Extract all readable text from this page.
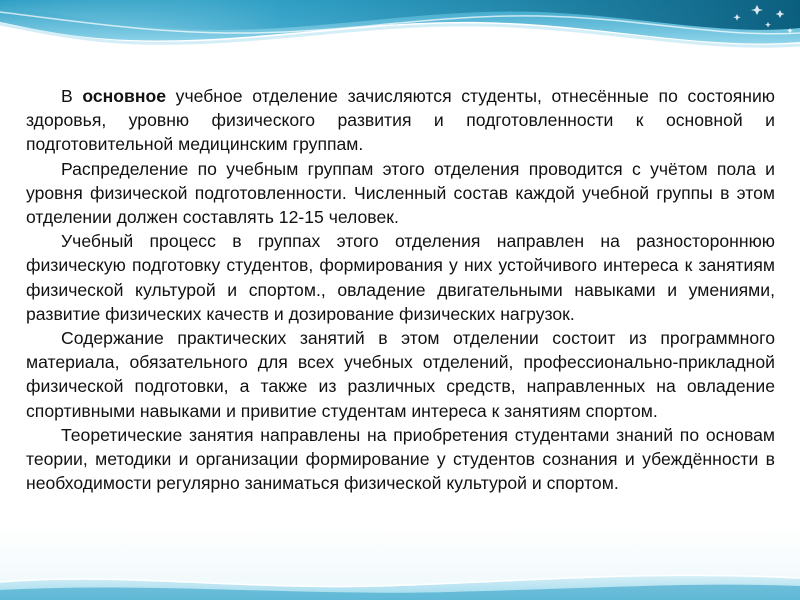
В основное учебное отделение зачисляются студенты, отнесённые по состоянию здоровья, уровню физического развития и подготовленности к основной и подготовительной медицинским группам.

Распределение по учебным группам этого отделения проводится с учётом пола и уровня физической подготовленности. Численный состав каждой учебной группы в этом отделении должен составлять 12-15 человек.

Учебный процесс в группах этого отделения направлен на разностороннюю физическую подготовку студентов, формирования у них устойчивого интереса к занятиям физической культурой и спортом., овладение двигательными навыками и умениями, развитие физических качеств и дозирование физических нагрузок.

Содержание практических занятий в этом отделении состоит из программного материала, обязательного для всех учебных отделений, профессионально-прикладной физической подготовки, а также из различных средств, направленных на овладение спортивными навыками и привитие студентам интереса к занятиям спортом.

Теоретические занятия направлены на приобретения студентами знаний по основам теории, методики и организации формирование у студентов сознания и убеждённости в необходимости регулярно заниматься физической культурой и спортом.
